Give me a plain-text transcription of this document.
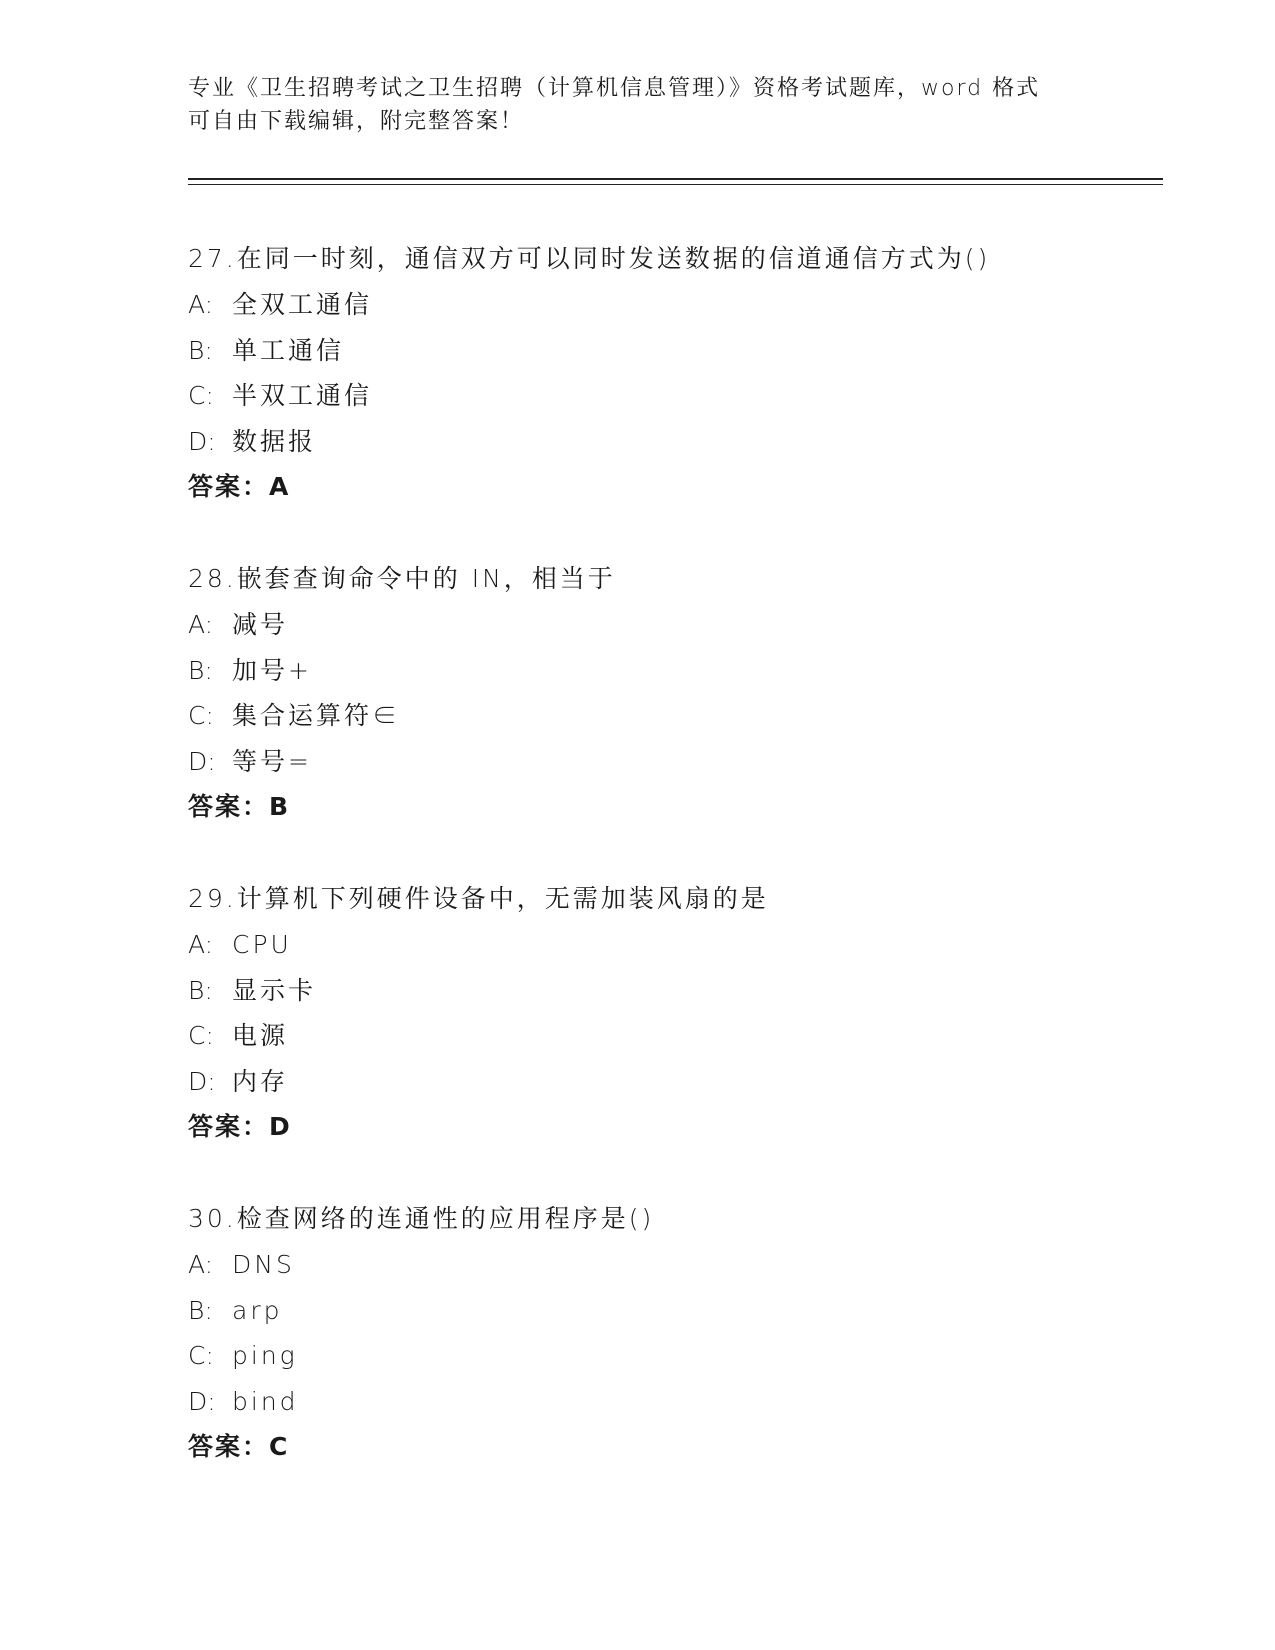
专业《卫生招聘考试之卫生招聘（计算机信息管理）》资格考试题库，word 格式
可自由下载编辑，附完整答案！
27.在同一时刻，通信双方可以同时发送数据的信道通信方式为()
A: 全双工通信
B: 单工通信
C: 半双工通信
D: 数据报
答案：A
28.嵌套查询命令中的 IN，相当于
A: 减号
B: 加号+
C: 集合运算符∈
D: 等号=
答案：B
29.计算机下列硬件设备中，无需加装风扇的是
A: CPU
B: 显示卡
C: 电源
D: 内存
答案：D
30.检查网络的连通性的应用程序是()
A: DNS
B: arp
C: ping
D: bind
答案：C
